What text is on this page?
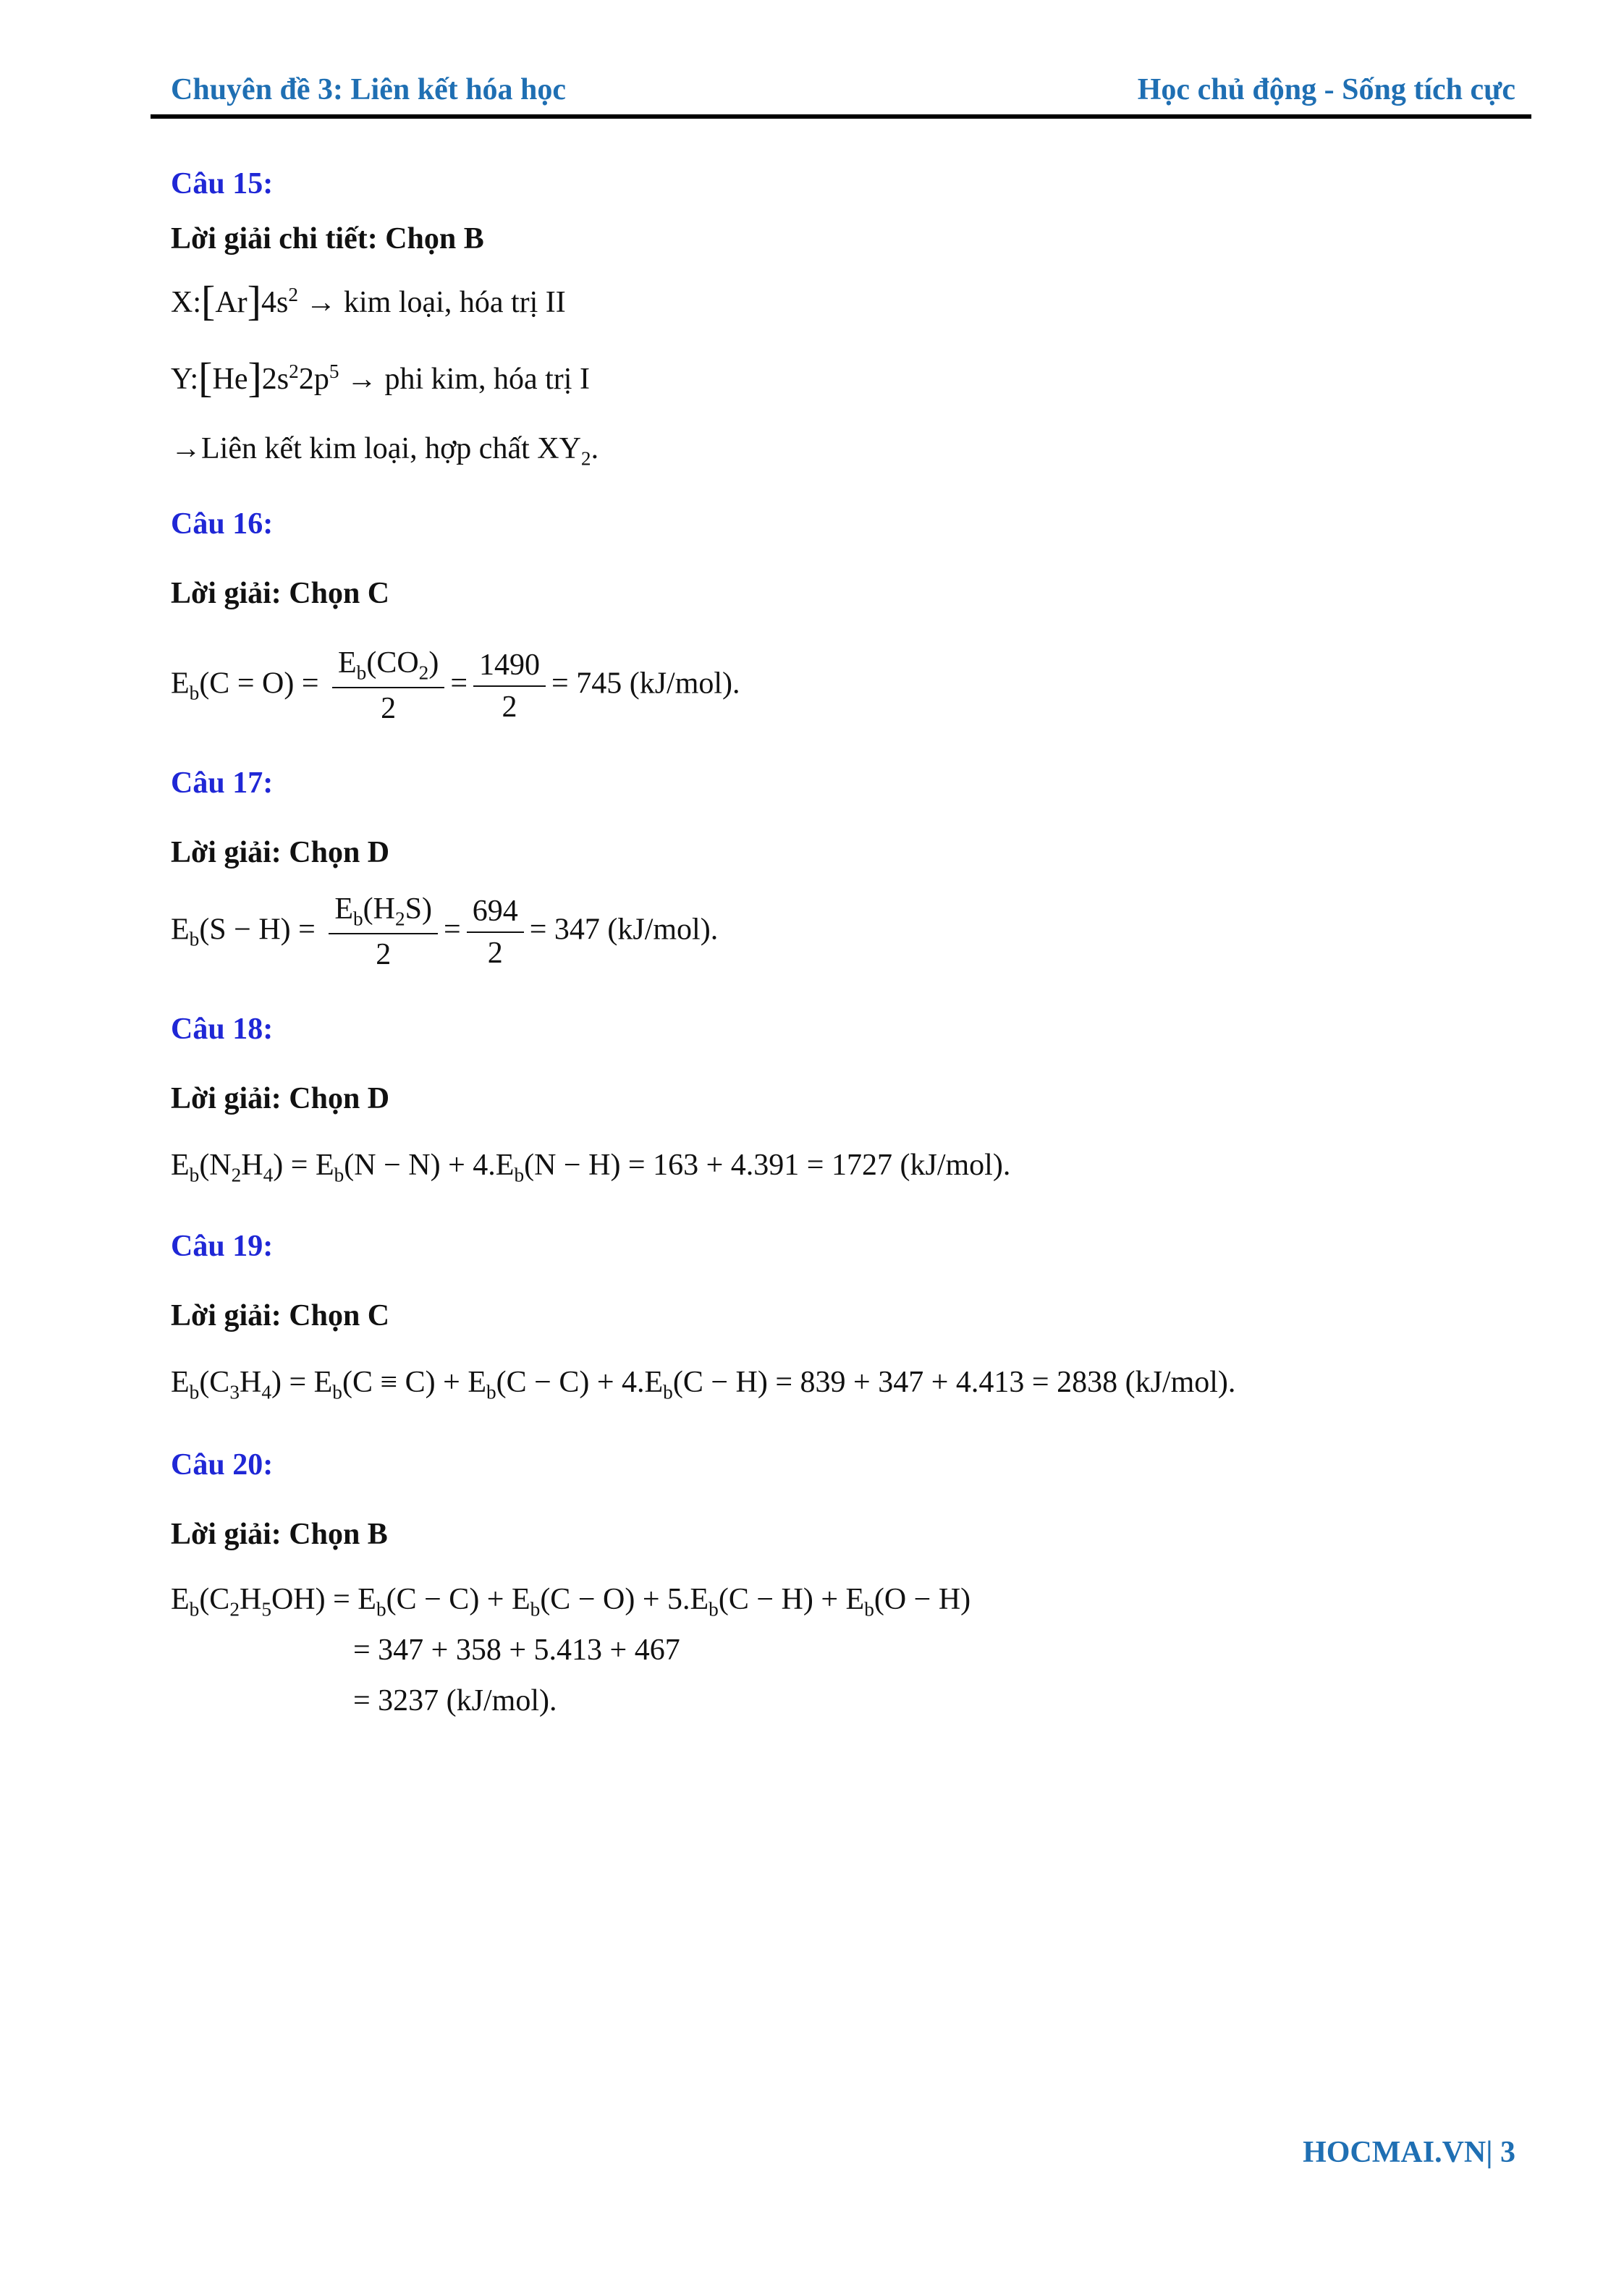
Chuyên đề 3: Liên kết hóa học	Học chủ động - Sống tích cực
Câu 15:
Lời giải chi tiết: Chọn B
$X:[Ar]4s^2$ → kim loại, hóa trị II
$Y:[He]2s^22p^5$ → phi kim, hóa trị I
→Liên kết kim loại, hợp chất $XY_2$.
Câu 16:
Lời giải: Chọn C
$E_b(C = O) = \frac{E_b(CO_2)}{2} = \frac{1490}{2} = 745$ (kJ/mol).
Câu 17:
Lời giải: Chọn D
$E_b(S - H) = \frac{E_b(H_2S)}{2} = \frac{694}{2} = 347$ (kJ/mol).
Câu 18:
Lời giải: Chọn D
$E_b(N_2H_4) = E_b(N - N) + 4.E_b(N - H) = 163 + 4.391 = 1727$ (kJ/mol).
Câu 19:
Lời giải: Chọn C
$E_b(C_3H_4) = E_b(C \equiv C) + E_b(C - C) + 4.E_b(C - H) = 839 + 347 + 4.413 = 2838$ (kJ/mol).
Câu 20:
Lời giải: Chọn B
$E_b(C_2H_5OH) = E_b(C - C) + E_b(C - O) + 5.E_b(C - H) + E_b(O - H)$
= 347 + 358 + 5.413 + 467
= 3237 (kJ/mol).
HOCMAI.VN| 3
